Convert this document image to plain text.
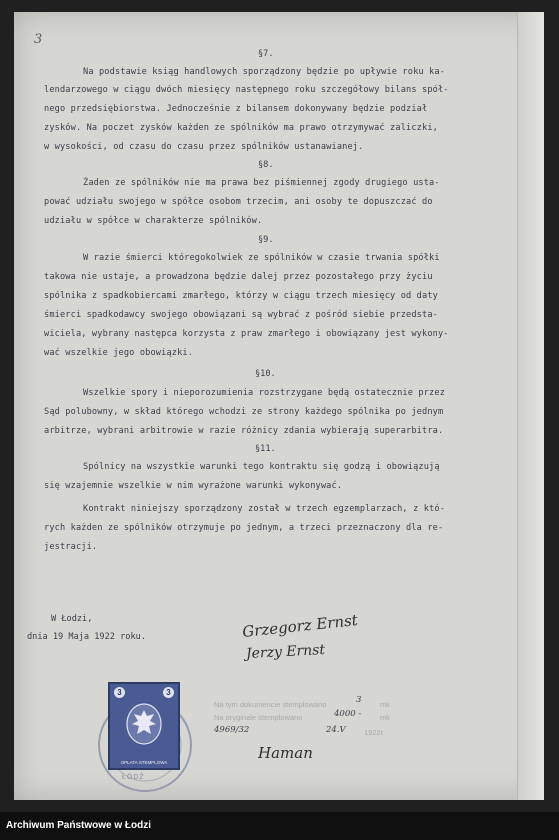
3
§7.
Na podstawie ksiąg handlowych sporządzony będzie po upływie roku ka-
lendarzowego w ciągu dwóch miesięcy następnego roku szczegółowy bilans spół-
nego przedsiębiorstwa. Jednocześnie z bilansem dokonywany będzie podział
zysków. Na poczet zysków każden ze spólników ma prawo otrzymywać zaliczki,
w wysokości, od czasu do czasu przez spólników ustanawianej.
§8.
Żaden ze spólników nie ma prawa bez piśmiennej zgody drugiego usta-
pować udziału swojego w spółce osobom trzecim, ani osoby te dopuszczać do
udziału w spółce w charakterze spólników.
§9.
W razie śmierci któregokolwiek ze spólników w czasie trwania spółki
takowa nie ustaje, a prowadzona będzie dalej przez pozostałego przy życiu
spólnika z spadkobiercami zmarłego, którzy w ciągu trzech miesięcy od daty
śmierci spadkodawcy swojego obowiązani są wybrać z pośród siebie przedsta-
wiciela, wybrany następca korzysta z praw zmarłego i obowiązany jest wykony-
wać wszelkie jego obowiązki.
§10.
Wszelkie spory i nieporozumienia rozstrzygane będą ostatecznie przez
Sąd polubowny, w skład którego wchodzi ze strony każdego spólnika po jednym
arbitrze, wybrani arbitrowie w razie różnicy zdania wybierają superarbitra.
§11.
Spólnicy na wszystkie warunki tego kontraktu się godzą i obowiązują
się wzajemnie wszelkie w nim wyrażone warunki wykonywać.
Kontrakt niniejszy sporządzony został w trzech egzemplarzach, z któ-
rych każden ze spólników otrzymuje po jednym, a trzeci przeznaczony dla re-
jestracji.
W Łodzi,
dnia 19 Maja 1922 roku.	Grzegorz Ernst
Jerzy Ernst
ŁÓDŹ
3	3
OPŁATA STEMPLOWA
Na tym dokumencie stemplowano	3 mk
Na oryginale stemplowano	4000 -	mk
4969/32	24.V 1922r.
Haman
Archiwum Państwowe w Łodzi
